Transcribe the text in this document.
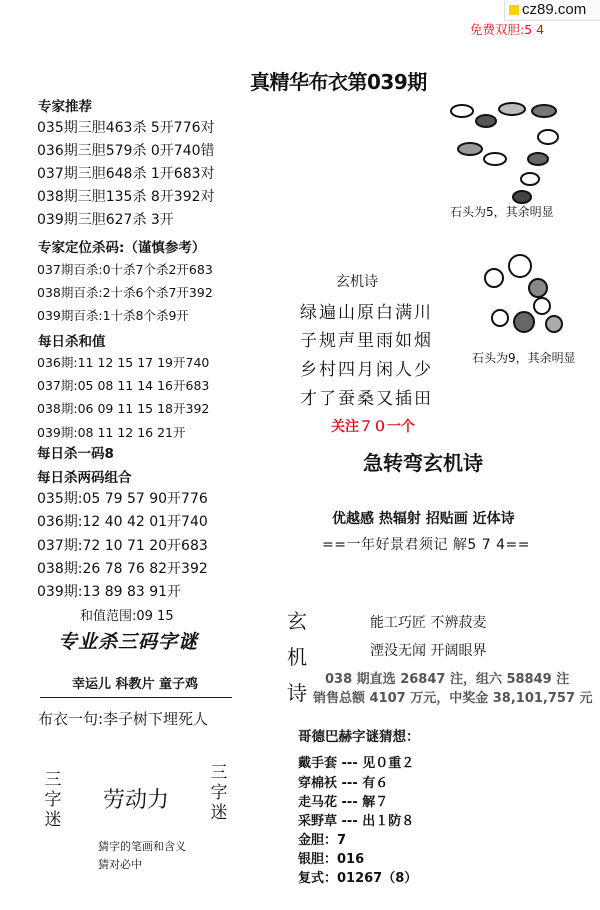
cz89.com
免费双胆:5 4
真精华布衣第039期
专家推荐
035期三胆463杀 5开776对
036期三胆579杀 0开740错
037期三胆648杀 1开683对
038期三胆135杀 8开392对
039期三胆627杀 3开
专家定位杀码:（谨慎参考）
037期百杀:0十杀7个杀2开683
038期百杀:2十杀6个杀7开392
039期百杀:1十杀8个杀9开
每日杀和值
036期:11 12 15 17 19开740
037期:05 08 11 14 16开683
038期:06 09 11 15 18开392
039期:08 11 12 16 21开
每日杀一码8
每日杀两码组合
035期:05 79 57 90开776
036期:12 40 42 01开740
037期:72 10 71 20开683
038期:26 78 76 82开392
039期:13 89 83 91开
和值范围:09 15
专业杀三码字谜
幸运儿 科教片 童子鸡
布衣一句:李子树下埋死人
三字迷
劳动力
三字迷
猜字的笔画和含义
猜对必中
石头为5，其余明显
石头为9，其余明显
玄机诗
绿遍山原白满川
子规声里雨如烟
乡村四月闲人少
才了蚕桑又插田
关注７０一个
急转弯玄机诗
优越感 热辐射 招贴画 近体诗
==一年好景君须记 解5 7 4==
玄
机
诗
能工巧匠 不辨菽麦
湮没无闻 开阔眼界
038 期直选 26847 注，组六 58849 注
销售总额 4107 万元，中奖金 38,101,757 元
哥德巴赫字谜猜想：
戴手套 --- 见０重２
穿棉袄 --- 有６
走马花 --- 解７
采野草 --- 出１防８
金胆：7
银胆：016
复式：01267（8）
